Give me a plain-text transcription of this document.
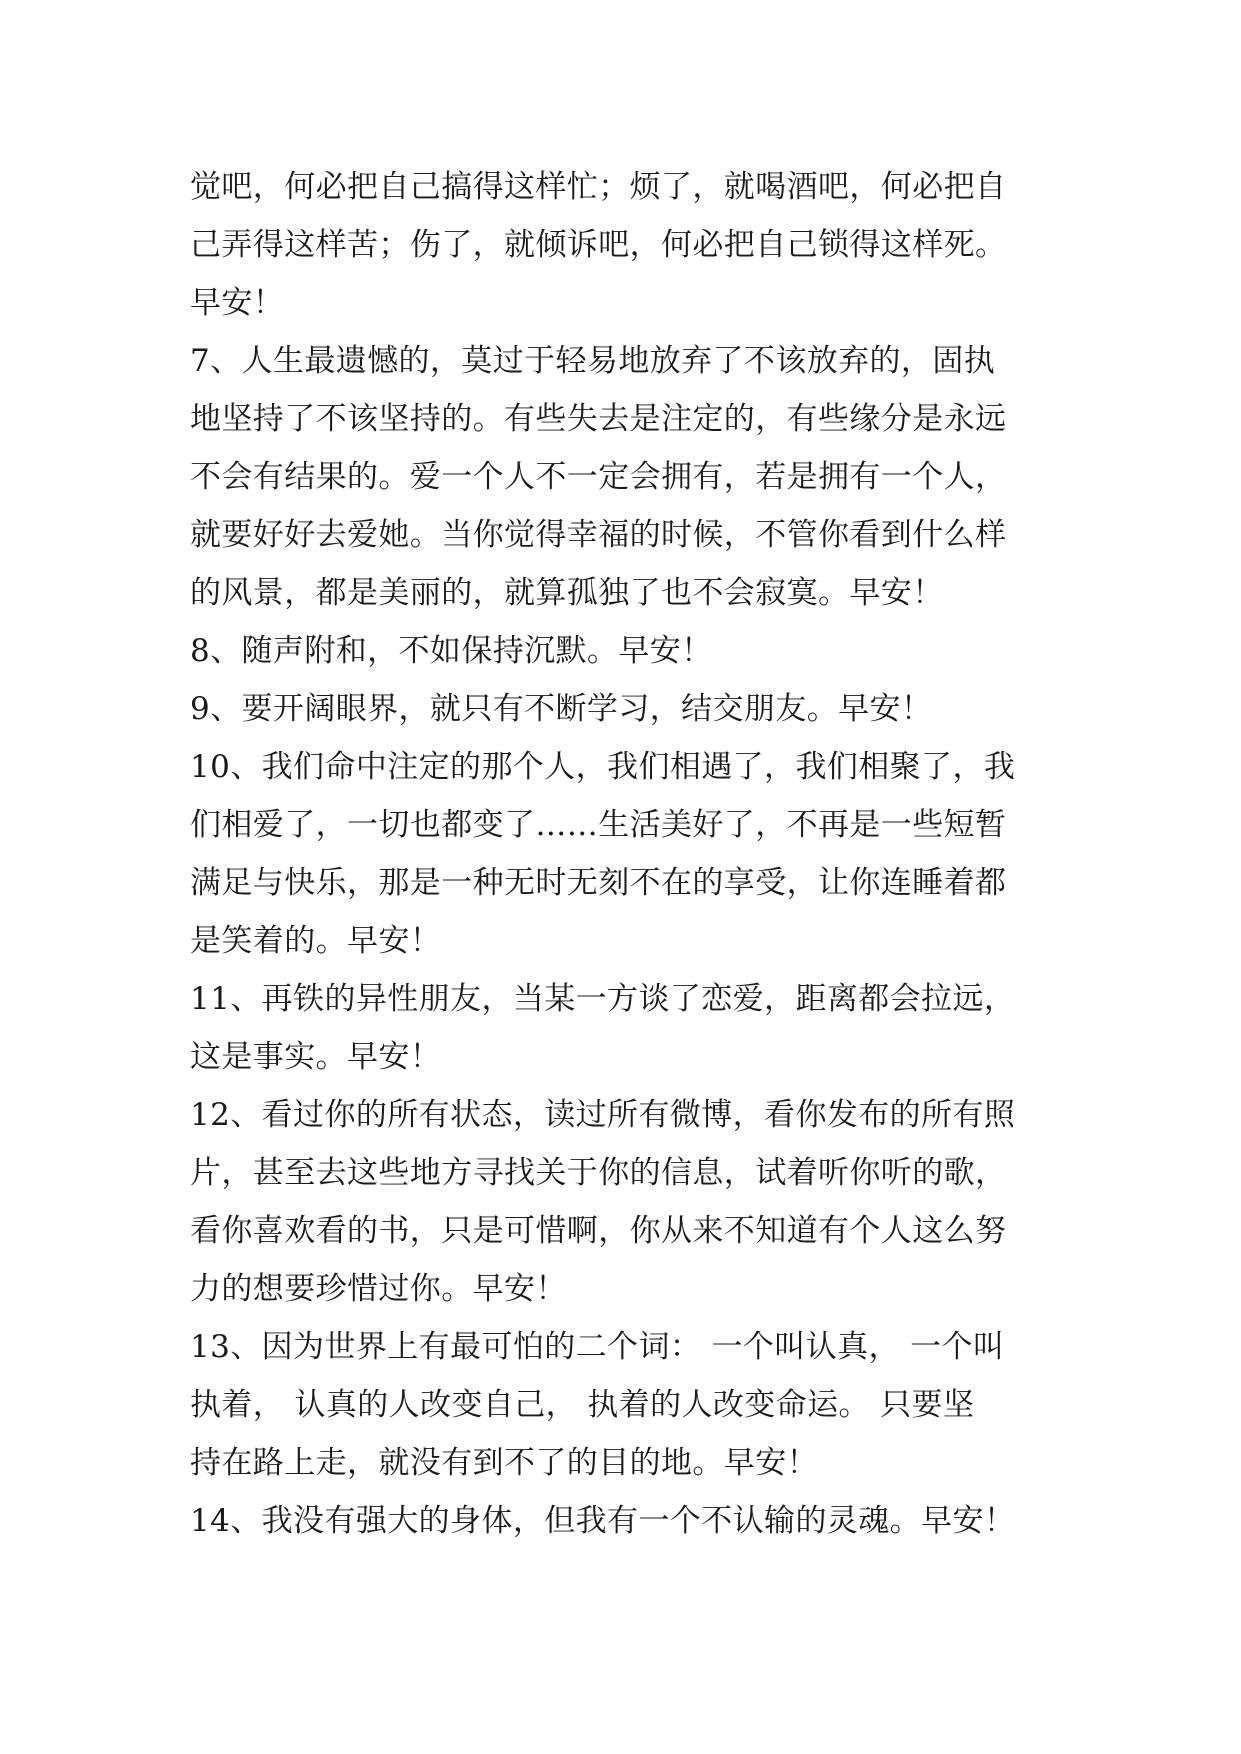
觉吧，何必把自己搞得这样忙；烦了，就喝酒吧，何必把自
己弄得这样苦；伤了，就倾诉吧，何必把自己锁得这样死。
早安！
7、人生最遗憾的，莫过于轻易地放弃了不该放弃的，固执
地坚持了不该坚持的。有些失去是注定的，有些缘分是永远
不会有结果的。爱一个人不一定会拥有，若是拥有一个人，
就要好好去爱她。当你觉得幸福的时候，不管你看到什么样
的风景，都是美丽的，就算孤独了也不会寂寞。早安！
8、随声附和，不如保持沉默。早安！
9、要开阔眼界，就只有不断学习，结交朋友。早安！
10、我们命中注定的那个人，我们相遇了，我们相聚了，我
们相爱了，一切也都变了……生活美好了，不再是一些短暂
满足与快乐，那是一种无时无刻不在的享受，让你连睡着都
是笑着的。早安！
11、再铁的异性朋友，当某一方谈了恋爱，距离都会拉远，
这是事实。早安！
12、看过你的所有状态，读过所有微博，看你发布的所有照
片，甚至去这些地方寻找关于你的信息，试着听你听的歌，
看你喜欢看的书，只是可惜啊，你从来不知道有个人这么努
力的想要珍惜过你。早安！
13、因为世界上有最可怕的二个词： 一个叫认真， 一个叫
执着， 认真的人改变自己， 执着的人改变命运。 只要坚
持在路上走，就没有到不了的目的地。早安！
14、我没有强大的身体，但我有一个不认输的灵魂。早安！
